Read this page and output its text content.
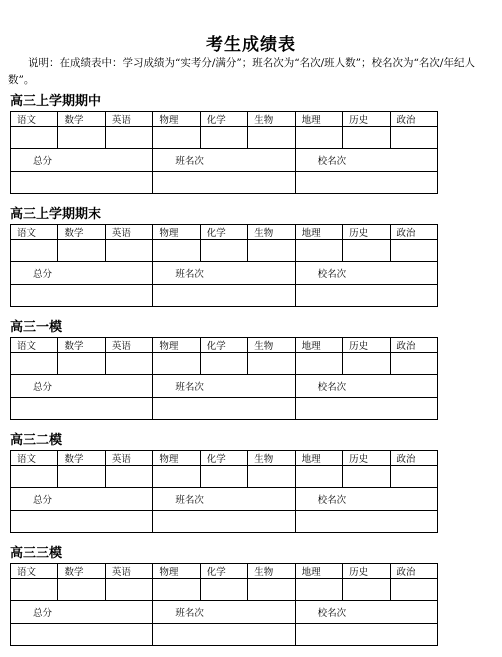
考生成绩表
说明：在成绩表中：学习成绩为“实考分/满分”；班名次为“名次/班人数”；校名次为“名次/年纪人数”。
高三上学期期中
语文	数学	英语	物理	化学	生物	地理	历史	政治

总分			班名次			校名次		

高三上学期期末
语文	数学	英语	物理	化学	生物	地理	历史	政治

总分			班名次			校名次		

高三一模
语文	数学	英语	物理	化学	生物	地理	历史	政治

总分			班名次			校名次		

高三二模
语文	数学	英语	物理	化学	生物	地理	历史	政治

总分			班名次			校名次		

高三三模
语文	数学	英语	物理	化学	生物	地理	历史	政治

总分			班名次			校名次		
